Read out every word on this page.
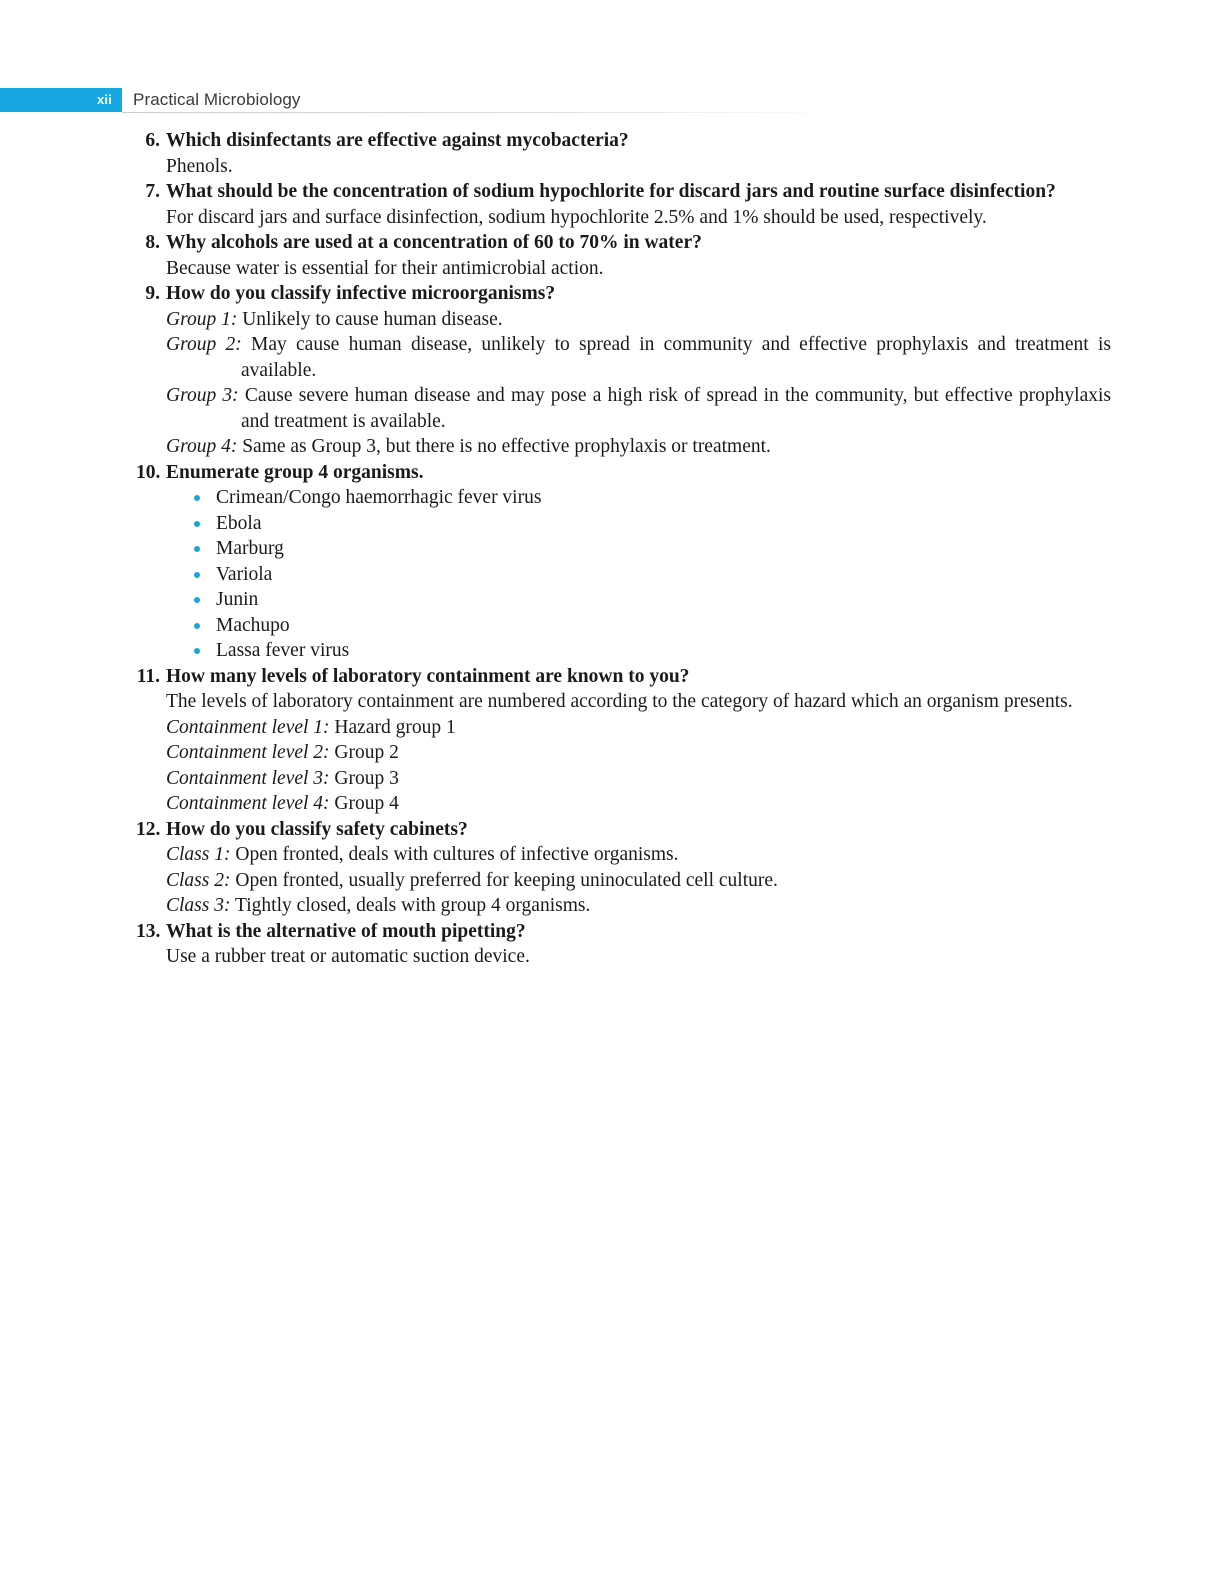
xii Practical Microbiology
6. Which disinfectants are effective against mycobacteria?

Phenols.

7. What should be the concentration of sodium hypochlorite for discard jars and routine surface disinfection?

For discard jars and surface disinfection, sodium hypochlorite 2.5% and 1% should be used, respectively.

8. Why alcohols are used at a concentration of 60 to 70% in water?

Because water is essential for their antimicrobial action.

9. How do you classify infective microorganisms?

Group 1: Unlikely to cause human disease.

Group 2: May cause human disease, unlikely to spread in community and effective prophylaxis and treatment is available.

Group 3: Cause severe human disease and may pose a high risk of spread in the community, but effective prophylaxis and treatment is available.

Group 4: Same as Group 3, but there is no effective prophylaxis or treatment.

10. Enumerate group 4 organisms.

Crimean/Congo haemorrhagic fever virus
Ebola
Marburg
Variola
Junin
Machupo
Lassa fever virus
11. How many levels of laboratory containment are known to you?

The levels of laboratory containment are numbered according to the category of hazard which an organism presents.

Containment level 1: Hazard group 1

Containment level 2: Group 2

Containment level 3: Group 3

Containment level 4: Group 4

12. How do you classify safety cabinets?

Class 1: Open fronted, deals with cultures of infective organisms.

Class 2: Open fronted, usually preferred for keeping uninoculated cell culture.

Class 3: Tightly closed, deals with group 4 organisms.

13. What is the alternative of mouth pipetting?

Use a rubber treat or automatic suction device.
